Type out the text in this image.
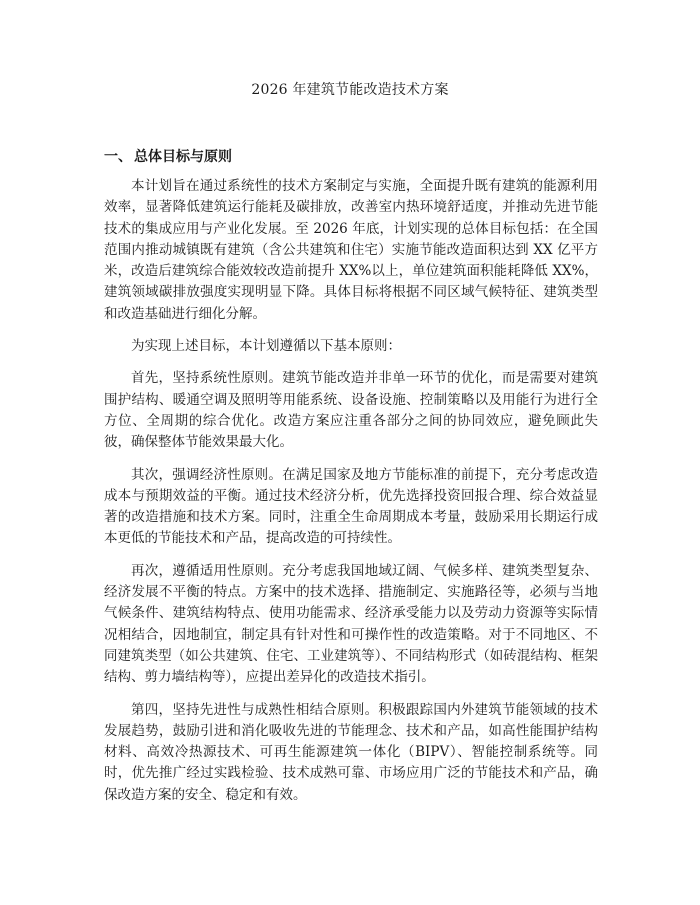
2026 年建筑节能改造技术方案
一、 总体目标与原则

本计划旨在通过系统性的技术方案制定与实施，全面提升既有建筑的能源利用效率，显著降低建筑运行能耗及碳排放，改善室内热环境舒适度，并推动先进节能技术的集成应用与产业化发展。至 2026 年底，计划实现的总体目标包括：在全国范围内推动城镇既有建筑（含公共建筑和住宅）实施节能改造面积达到 XX 亿平方米，改造后建筑综合能效较改造前提升 XX%以上，单位建筑面积能耗降低 XX%，建筑领域碳排放强度实现明显下降。具体目标将根据不同区域气候特征、建筑类型和改造基础进行细化分解。

为实现上述目标，本计划遵循以下基本原则：

首先，坚持系统性原则。建筑节能改造并非单一环节的优化，而是需要对建筑围护结构、暖通空调及照明等用能系统、设备设施、控制策略以及用能行为进行全方位、全周期的综合优化。改造方案应注重各部分之间的协同效应，避免顾此失彼，确保整体节能效果最大化。

其次，强调经济性原则。在满足国家及地方节能标准的前提下，充分考虑改造成本与预期效益的平衡。通过技术经济分析，优先选择投资回报合理、综合效益显著的改造措施和技术方案。同时，注重全生命周期成本考量，鼓励采用长期运行成本更低的节能技术和产品，提高改造的可持续性。

再次，遵循适用性原则。充分考虑我国地域辽阔、气候多样、建筑类型复杂、经济发展不平衡的特点。方案中的技术选择、措施制定、实施路径等，必须与当地气候条件、建筑结构特点、使用功能需求、经济承受能力以及劳动力资源等实际情况相结合，因地制宜，制定具有针对性和可操作性的改造策略。对于不同地区、不同建筑类型（如公共建筑、住宅、工业建筑等）、不同结构形式（如砖混结构、框架结构、剪力墙结构等），应提出差异化的改造技术指引。

第四，坚持先进性与成熟性相结合原则。积极跟踪国内外建筑节能领域的技术发展趋势，鼓励引进和消化吸收先进的节能理念、技术和产品，如高性能围护结构材料、高效冷热源技术、可再生能源建筑一体化（BIPV）、智能控制系统等。同时，优先推广经过实践检验、技术成熟可靠、市场应用广泛的节能技术和产品，确保改造方案的安全、稳定和有效。
